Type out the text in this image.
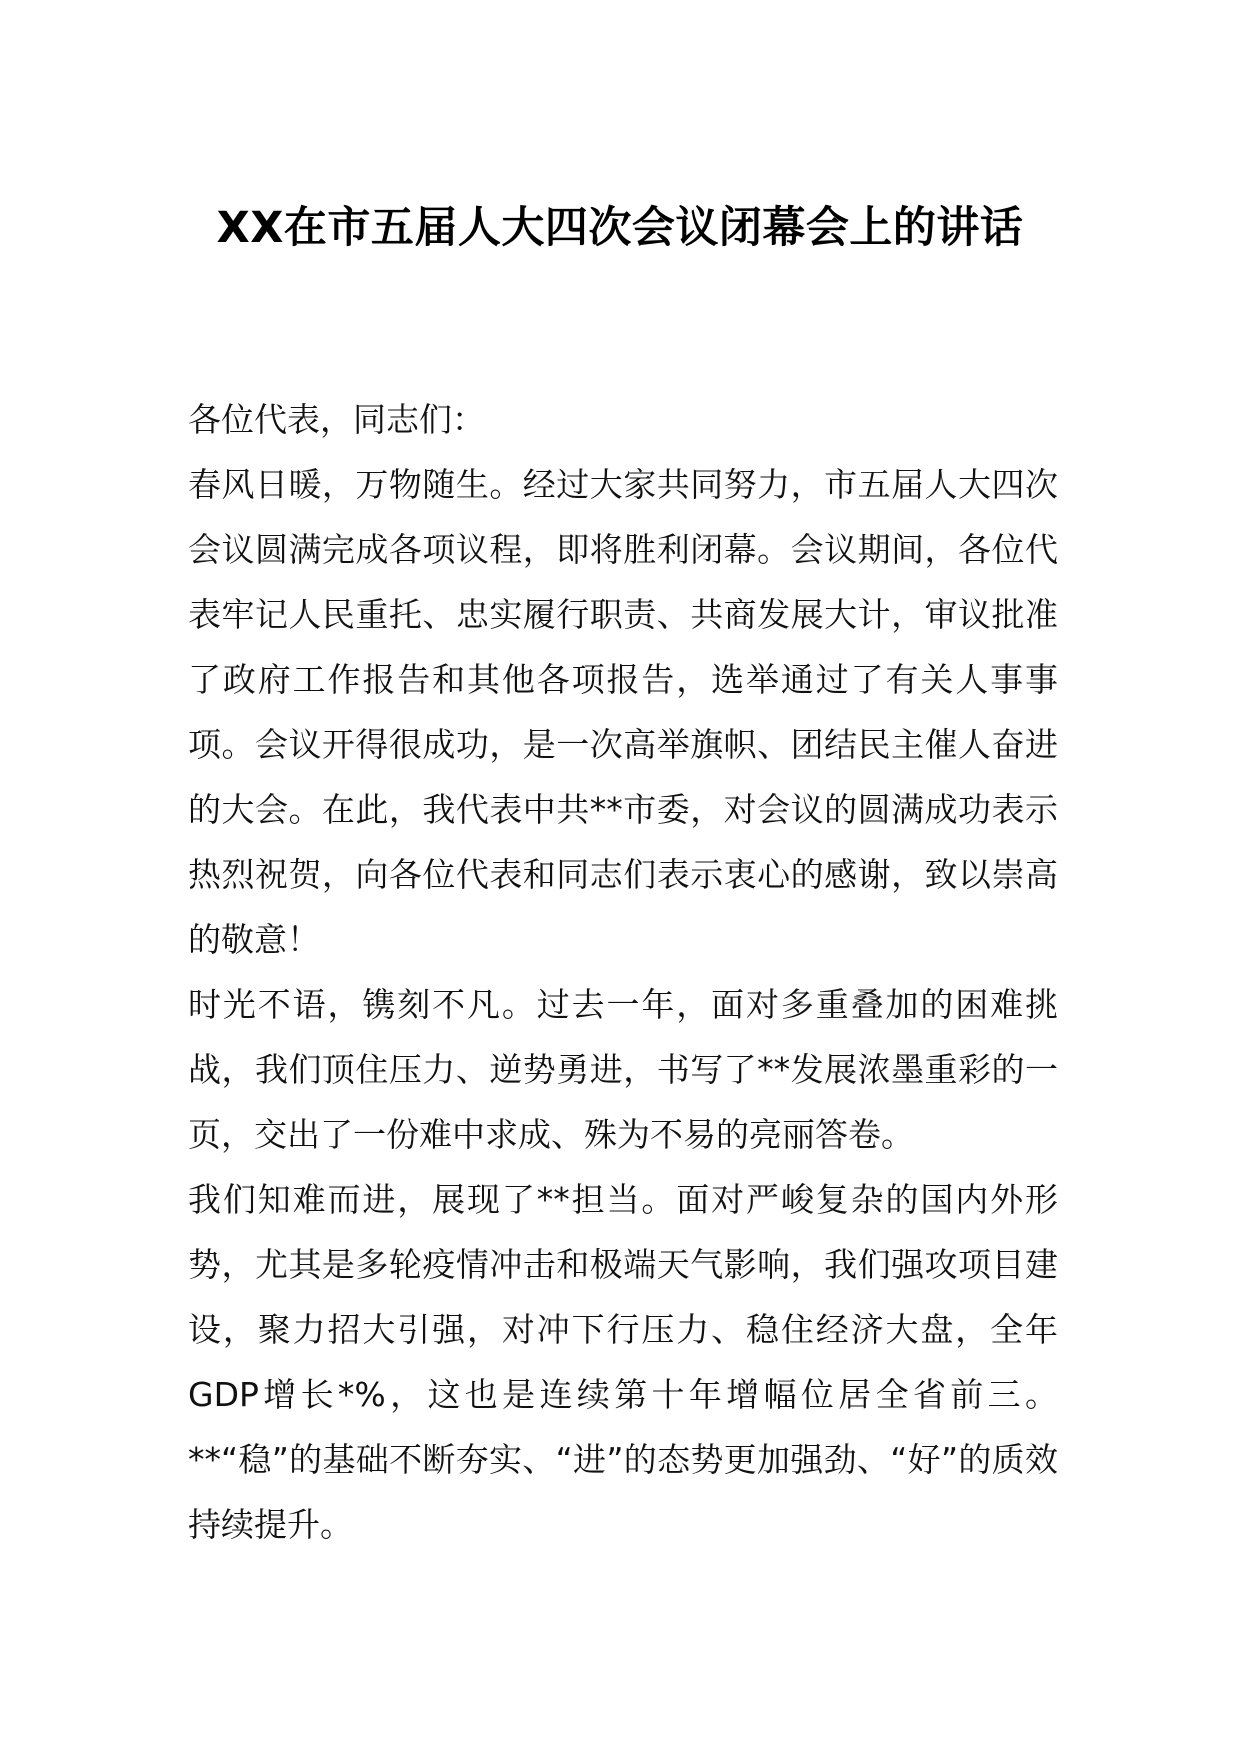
XX在市五届人大四次会议闭幕会上的讲话

各位代表，同志们：

春风日暖，万物随生。经过大家共同努力，市五届人大四次会议圆满完成各项议程，即将胜利闭幕。会议期间，各位代表牢记人民重托、忠实履行职责、共商发展大计，审议批准了政府工作报告和其他各项报告，选举通过了有关人事事项。会议开得很成功，是一次高举旗帜、团结民主催人奋进的大会。在此，我代表中共**市委，对会议的圆满成功表示热烈祝贺，向各位代表和同志们表示衷心的感谢，致以崇高的敬意！

时光不语，镌刻不凡。过去一年，面对多重叠加的困难挑战，我们顶住压力、逆势勇进，书写了**发展浓墨重彩的一页，交出了一份难中求成、殊为不易的亮丽答卷。

我们知难而进，展现了**担当。面对严峻复杂的国内外形势，尤其是多轮疫情冲击和极端天气影响，我们强攻项目建设，聚力招大引强，对冲下行压力、稳住经济大盘，全年GDP增长*%，这也是连续第十年增幅位居全省前三。**“稳”的基础不断夯实、“进”的态势更加强劲、“好”的质效持续提升。
